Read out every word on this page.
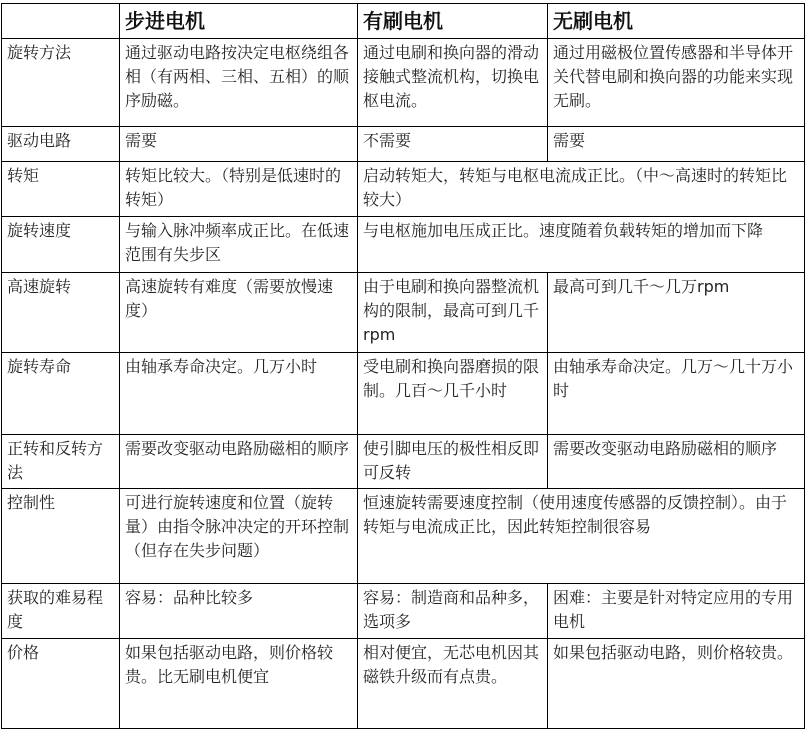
	步进电机	有刷电机	无刷电机
旋转方法	通过驱动电路按决定电枢绕组各相（有两相、三相、五相）的顺序励磁。	通过电刷和换向器的滑动接触式整流机构，切换电枢电流。	通过用磁极位置传感器和半导体开关代替电刷和换向器的功能来实现无刷。
驱动电路	需要	不需要	需要
转矩	转矩比较大。（特别是低速时的转矩）	启动转矩大，转矩与电枢电流成正比。（中～高速时的转矩比较大）	
旋转速度	与输入脉冲频率成正比。在低速范围有失步区	与电枢施加电压成正比。速度随着负载转矩的增加而下降	
高速旋转	高速旋转有难度（需要放慢速度）	由于电刷和换向器整流机构的限制，最高可到几千rpm	最高可到几千～几万rpm
旋转寿命	由轴承寿命决定。几万小时	受电刷和换向器磨损的限制。几百～几千小时	由轴承寿命决定。几万～几十万小时
正转和反转方法	需要改变驱动电路励磁相的顺序	使引脚电压的极性相反即可反转	需要改变驱动电路励磁相的顺序
控制性	可进行旋转速度和位置（旋转量）由指令脉冲决定的开环控制（但存在失步问题）	恒速旋转需要速度控制（使用速度传感器的反馈控制）。由于转矩与电流成正比，因此转矩控制很容易	
获取的难易程度	容易：品种比较多	容易：制造商和品种多，选项多	困难：主要是针对特定应用的专用电机
价格	如果包括驱动电路，则价格较贵。比无刷电机便宜	相对便宜，无芯电机因其磁铁升级而有点贵。	如果包括驱动电路，则价格较贵。
